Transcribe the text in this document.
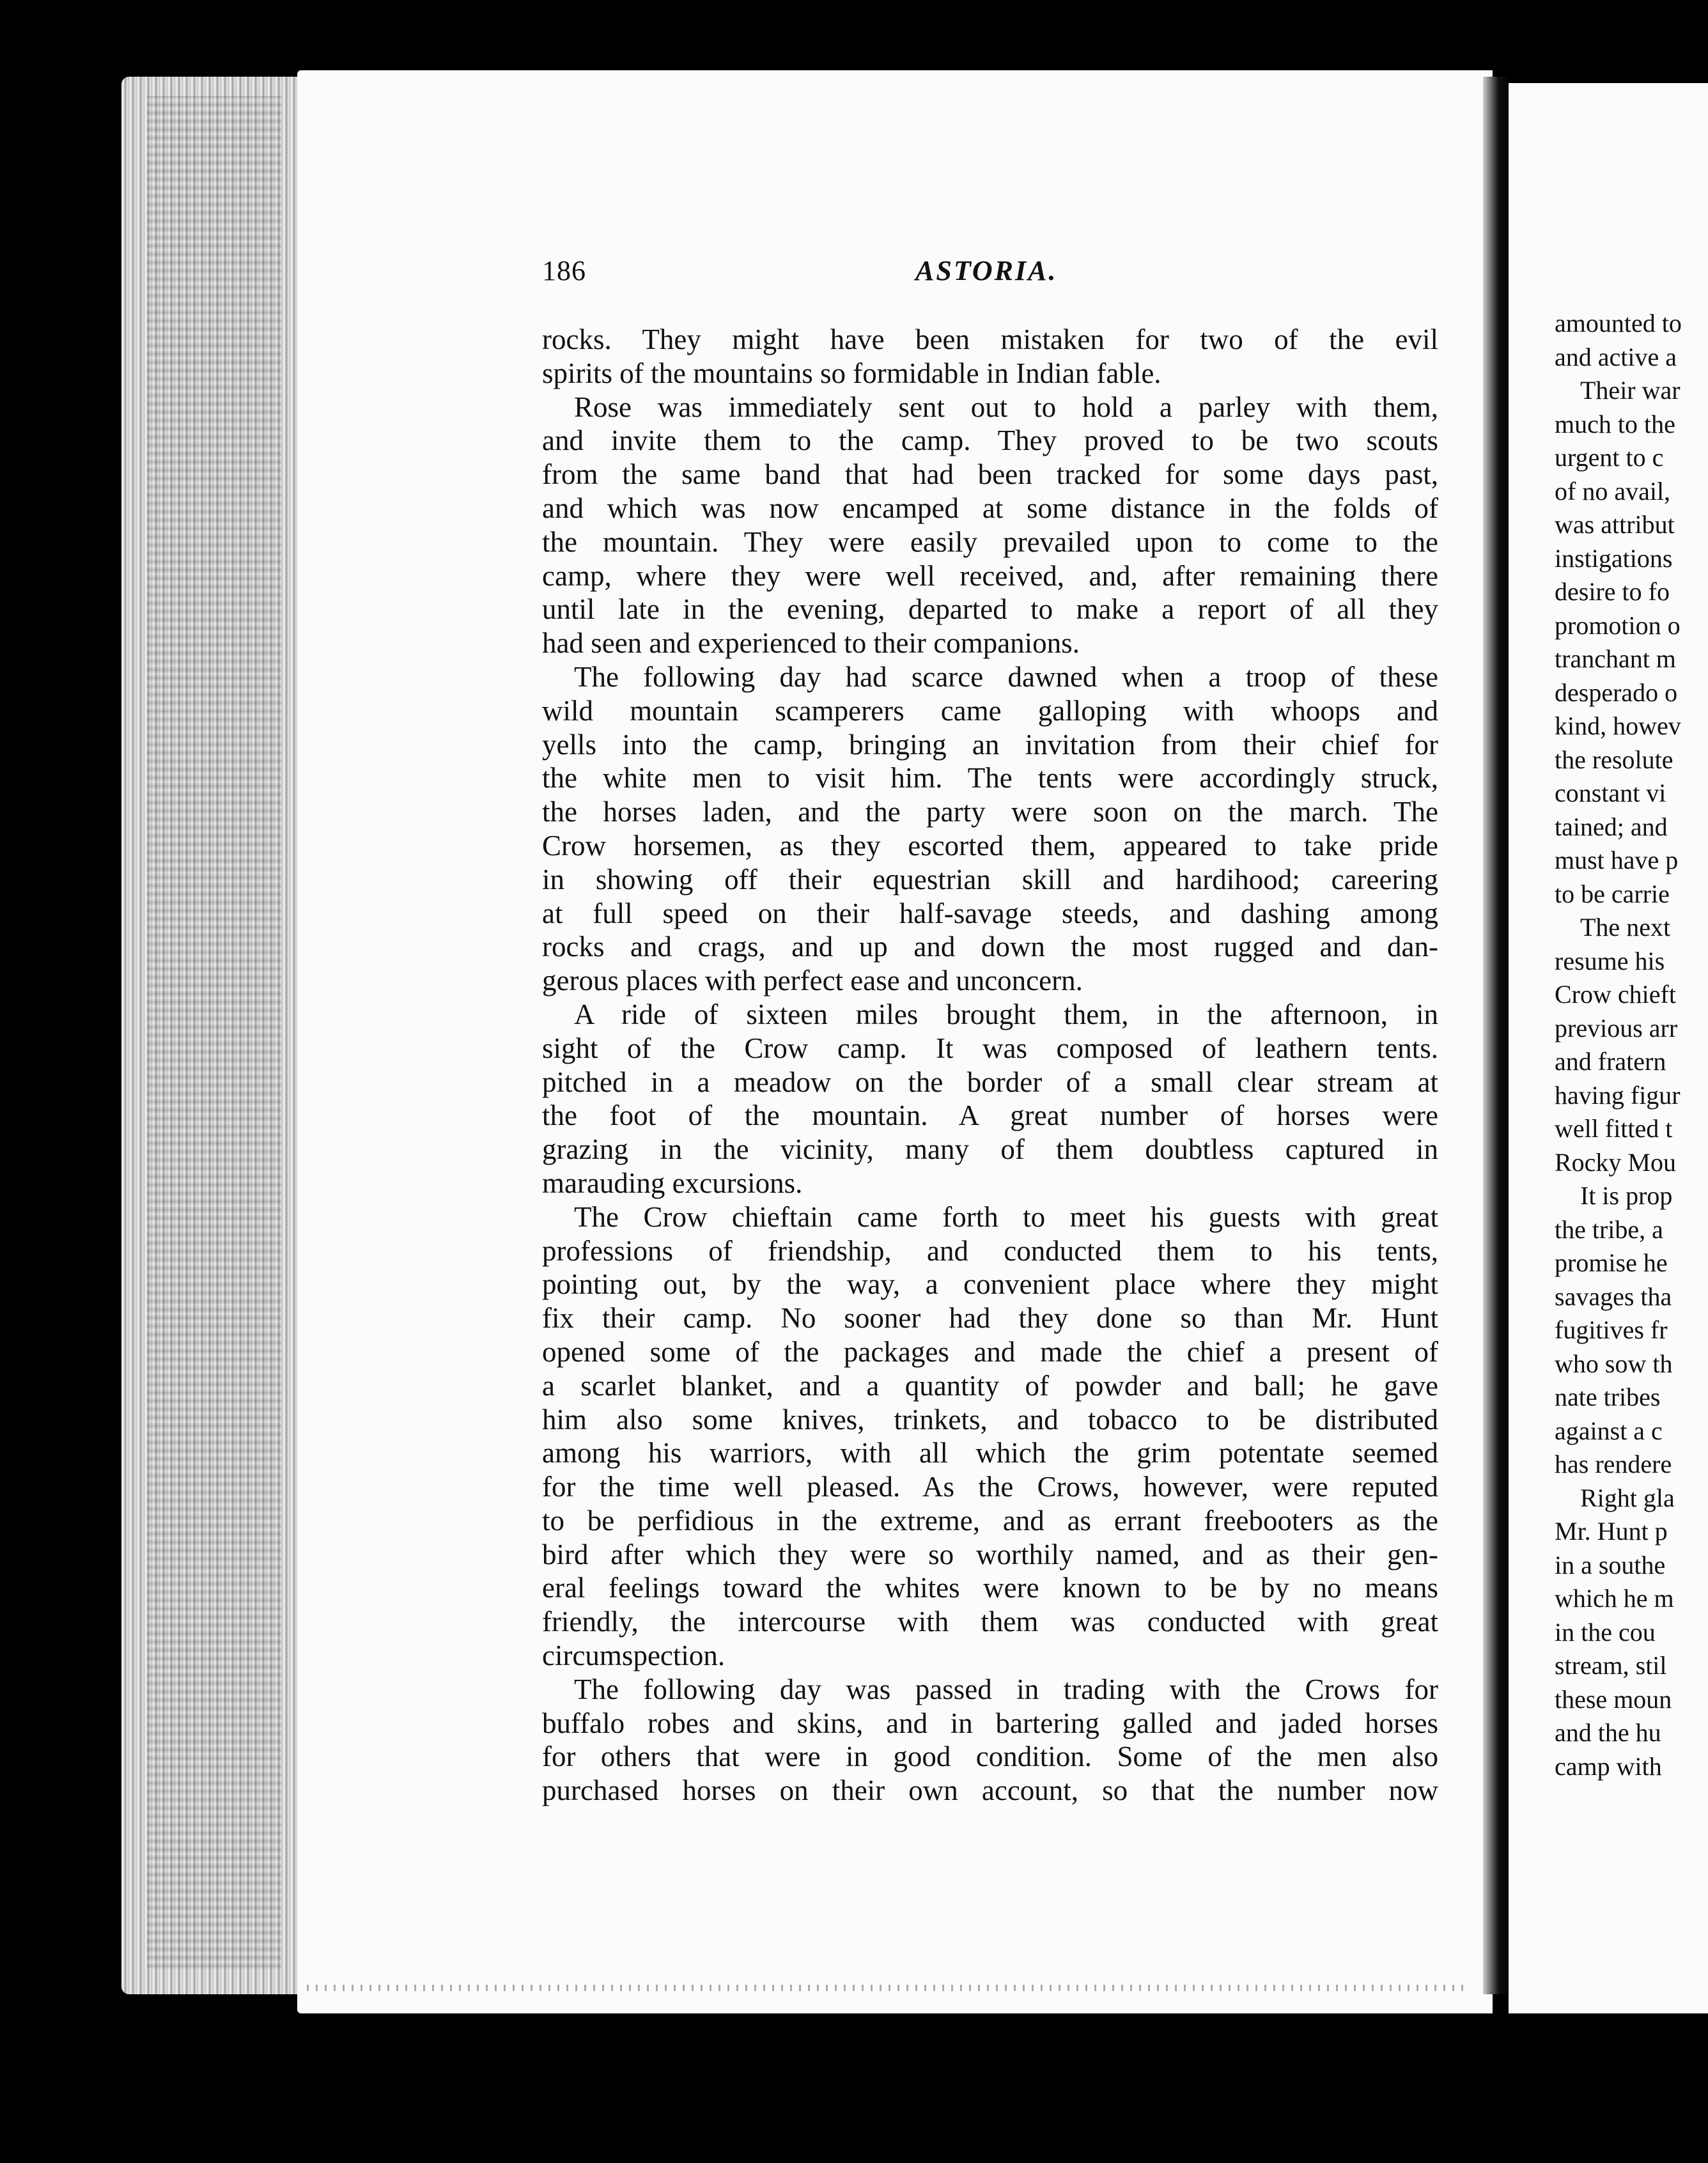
186	ASTORIA.
rocks. They might have been mistaken for two of the evil
spirits of the mountains so formidable in Indian fable.
Rose was immediately sent out to hold a parley with them,
and invite them to the camp. They proved to be two scouts
from the same band that had been tracked for some days past,
and which was now encamped at some distance in the folds of
the mountain. They were easily prevailed upon to come to the
camp, where they were well received, and, after remaining there
until late in the evening, departed to make a report of all they
had seen and experienced to their companions.
The following day had scarce dawned when a troop of these
wild mountain scamperers came galloping with whoops and
yells into the camp, bringing an invitation from their chief for
the white men to visit him. The tents were accordingly struck,
the horses laden, and the party were soon on the march. The
Crow horsemen, as they escorted them, appeared to take pride
in showing off their equestrian skill and hardihood; careering
at full speed on their half-savage steeds, and dashing among
rocks and crags, and up and down the most rugged and dan-
gerous places with perfect ease and unconcern.
A ride of sixteen miles brought them, in the afternoon, in
sight of the Crow camp. It was composed of leathern tents.
pitched in a meadow on the border of a small clear stream at
the foot of the mountain. A great number of horses were
grazing in the vicinity, many of them doubtless captured in
marauding excursions.
The Crow chieftain came forth to meet his guests with great
professions of friendship, and conducted them to his tents,
pointing out, by the way, a convenient place where they might
fix their camp. No sooner had they done so than Mr. Hunt
opened some of the packages and made the chief a present of
a scarlet blanket, and a quantity of powder and ball; he gave
him also some knives, trinkets, and tobacco to be distributed
among his warriors, with all which the grim potentate seemed
for the time well pleased. As the Crows, however, were reputed
to be perfidious in the extreme, and as errant freebooters as the
bird after which they were so worthily named, and as their gen-
eral feelings toward the whites were known to be by no means
friendly, the intercourse with them was conducted with great
circumspection.
The following day was passed in trading with the Crows for
buffalo robes and skins, and in bartering galled and jaded horses
for others that were in good condition. Some of the men also
purchased horses on their own account, so that the number now
amounted to
and active a
Their war
much to the
urgent to c
of no avail,
was attribut
instigations
desire to fo
promotion o
tranchant m
desperado o
kind, howev
the resolute
constant vi
tained; and
must have p
to be carrie
The next
resume his
Crow chieft
previous arr
and fratern
having figur
well fitted t
Rocky Mou
It is prop
the tribe, a
promise he
savages tha
fugitives fr
who sow th
nate tribes
against a c
has rendere
Right gla
Mr. Hunt p
in a southe
which he m
in the cou
stream, stil
these moun
and the hu
camp with
